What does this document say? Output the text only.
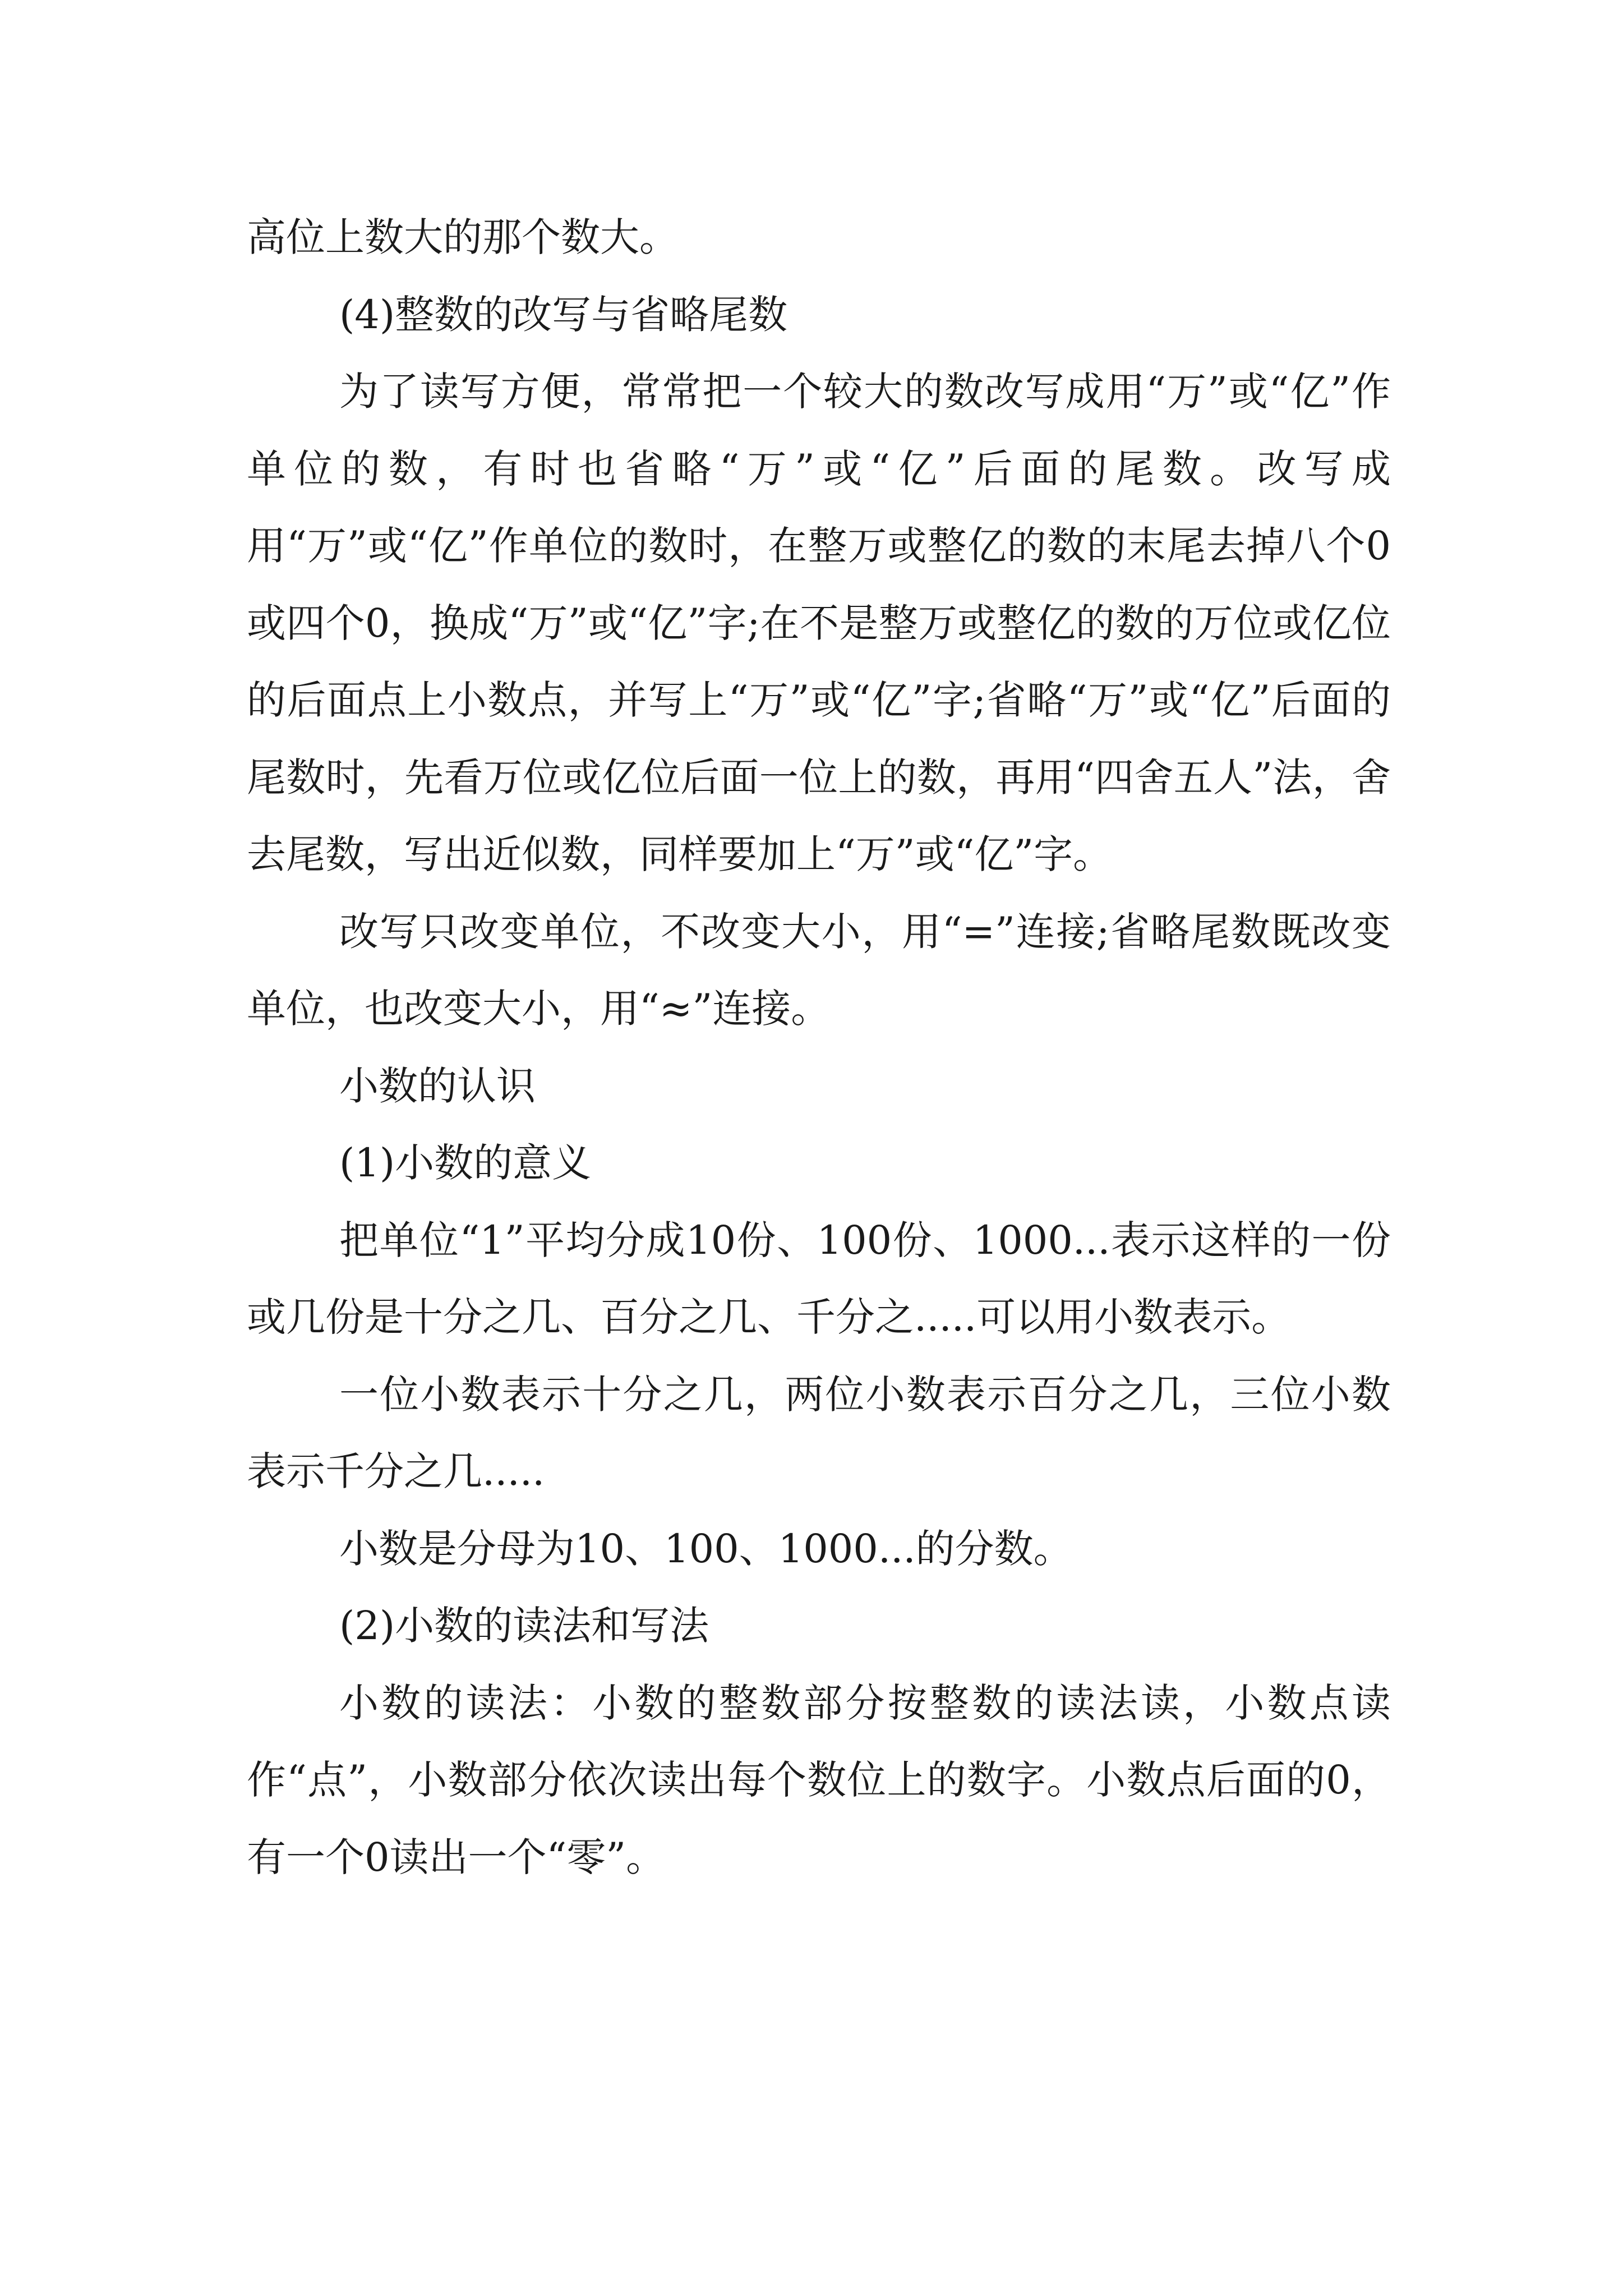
高位上数大的那个数大。

(4)整数的改写与省略尾数

为了读写方便，常常把一个较大的数改写成用“万”或“亿”作单位的数，有时也省略“万”或“亿”后面的尾数。改写成用“万”或“亿”作单位的数时，在整万或整亿的数的末尾去掉八个0或四个0，换成“万”或“亿”字;在不是整万或整亿的数的万位或亿位的后面点上小数点，并写上“万”或“亿”字;省略“万”或“亿”后面的尾数时，先看万位或亿位后面一位上的数，再用“四舍五人”法，舍去尾数，写出近似数，同样要加上“万”或“亿”字。

改写只改变单位，不改变大小，用“=”连接;省略尾数既改变单位，也改变大小，用“≈”连接。

小数的认识

(1)小数的意义

把单位“1”平均分成10份、100份、1000...表示这样的一份或几份是十分之几、百分之几、千分之.....可以用小数表示。

一位小数表示十分之几，两位小数表示百分之几，三位小数表示千分之几.....

小数是分母为10、100、1000...的分数。

(2)小数的读法和写法

小数的读法：小数的整数部分按整数的读法读，小数点读作“点”，小数部分依次读出每个数位上的数字。小数点后面的0，有一个0读出一个“零”。
